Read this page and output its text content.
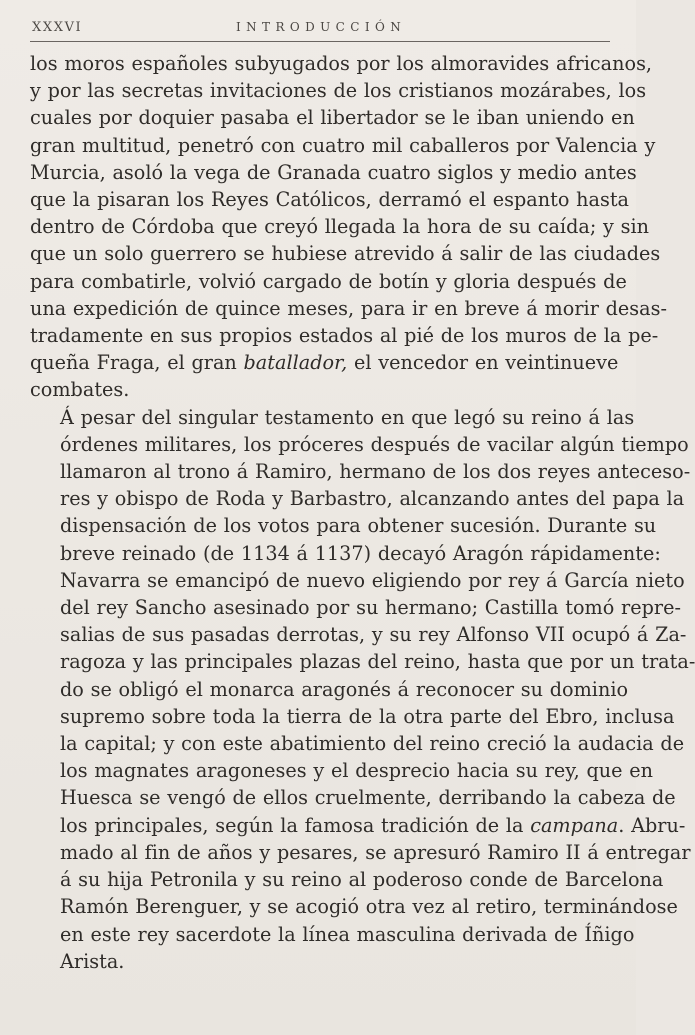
XXXVI	INTRODUCCIÓN

los moros españoles subyugados por los almoravides africanos,
y por las secretas invitaciones de los cristianos mozárabes, los
cuales por doquier pasaba el libertador se le iban uniendo en
gran multitud, penetró con cuatro mil caballeros por Valencia y
Murcia, asoló la vega de Granada cuatro siglos y medio antes
que la pisaran los Reyes Católicos, derramó el espanto hasta
dentro de Córdoba que creyó llegada la hora de su caída; y sin
que un solo guerrero se hubiese atrevido á salir de las ciudades
para combatirle, volvió cargado de botín y gloria después de
una expedición de quince meses, para ir en breve á morir desas-
tradamente en sus propios estados al pié de los muros de la pe-
queña Fraga, el gran batallador, el vencedor en veintinueve
combates.

Á pesar del singular testamento en que legó su reino á las
órdenes militares, los próceres después de vacilar algún tiempo
llamaron al trono á Ramiro, hermano de los dos reyes anteceso-
res y obispo de Roda y Barbastro, alcanzando antes del papa la
dispensación de los votos para obtener sucesión. Durante su
breve reinado (de 1134 á 1137) decayó Aragón rápidamente:
Navarra se emancipó de nuevo eligiendo por rey á García nieto
del rey Sancho asesinado por su hermano; Castilla tomó repre-
salias de sus pasadas derrotas, y su rey Alfonso VII ocupó á Za-
ragoza y las principales plazas del reino, hasta que por un trata-
do se obligó el monarca aragonés á reconocer su dominio
supremo sobre toda la tierra de la otra parte del Ebro, inclusa
la capital; y con este abatimiento del reino creció la audacia de
los magnates aragoneses y el desprecio hacia su rey, que en
Huesca se vengó de ellos cruelmente, derribando la cabeza de
los principales, según la famosa tradición de la campana. Abru-
mado al fin de años y pesares, se apresuró Ramiro II á entregar
á su hija Petronila y su reino al poderoso conde de Barcelona
Ramón Berenguer, y se acogió otra vez al retiro, terminándose
en este rey sacerdote la línea masculina derivada de Íñigo
Arista.
